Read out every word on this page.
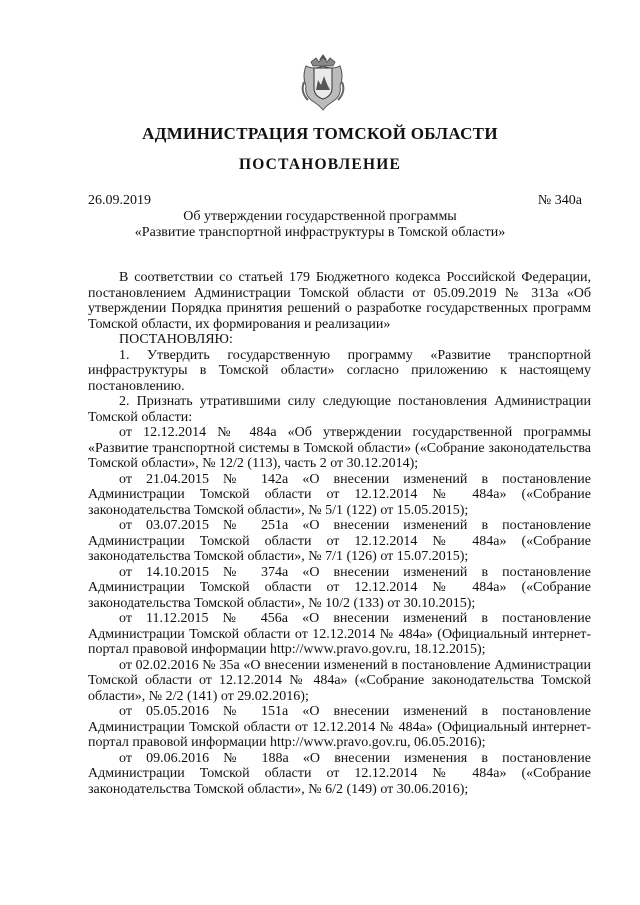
АДМИНИСТРАЦИЯ ТОМСКОЙ ОБЛАСТИ
ПОСТАНОВЛЕНИЕ
26.09.2019	№ 340а
Об утверждении государственной программы
«Развитие транспортной инфраструктуры в Томской области»

В соответствии со статьей 179 Бюджетного кодекса Российской Федерации, постановлением Администрации Томской области от 05.09.2019 № 313а «Об утверждении Порядка принятия решений о разработке государственных программ Томской области, их формирования и реализации»

ПОСТАНОВЛЯЮ:

1. Утвердить государственную программу «Развитие транспортной инфраструктуры в Томской области» согласно приложению к настоящему постановлению.

2. Признать утратившими силу следующие постановления Администрации Томской области:

от 12.12.2014 № 484а «Об утверждении государственной программы «Развитие транспортной системы в Томской области» («Собрание законодательства Томской области», № 12/2 (113), часть 2 от 30.12.2014);

от 21.04.2015 № 142а «О внесении изменений в постановление Администрации Томской области от 12.12.2014 № 484а» («Собрание законодательства Томской области», № 5/1 (122) от 15.05.2015);

от 03.07.2015 № 251а «О внесении изменений в постановление Администрации Томской области от 12.12.2014 № 484а» («Собрание законодательства Томской области», № 7/1 (126) от 15.07.2015);

от 14.10.2015 № 374а «О внесении изменений в постановление Администрации Томской области от 12.12.2014 № 484а» («Собрание законодательства Томской области», № 10/2 (133) от 30.10.2015);

от 11.12.2015 № 456а «О внесении изменений в постановление Администрации Томской области от 12.12.2014 № 484а» (Официальный интернет-портал правовой информации http://www.pravo.gov.ru, 18.12.2015);

от 02.02.2016 № 35а «О внесении изменений в постановление Администрации Томской области от 12.12.2014 № 484а» («Собрание законодательства Томской области», № 2/2 (141) от 29.02.2016);

от 05.05.2016 № 151а «О внесении изменений в постановление Администрации Томской области от 12.12.2014 № 484а» (Официальный интернет-портал правовой информации http://www.pravo.gov.ru, 06.05.2016);

от 09.06.2016 № 188а «О внесении изменения в постановление Администрации Томской области от 12.12.2014 № 484а» («Собрание законодательства Томской области», № 6/2 (149) от 30.06.2016);
